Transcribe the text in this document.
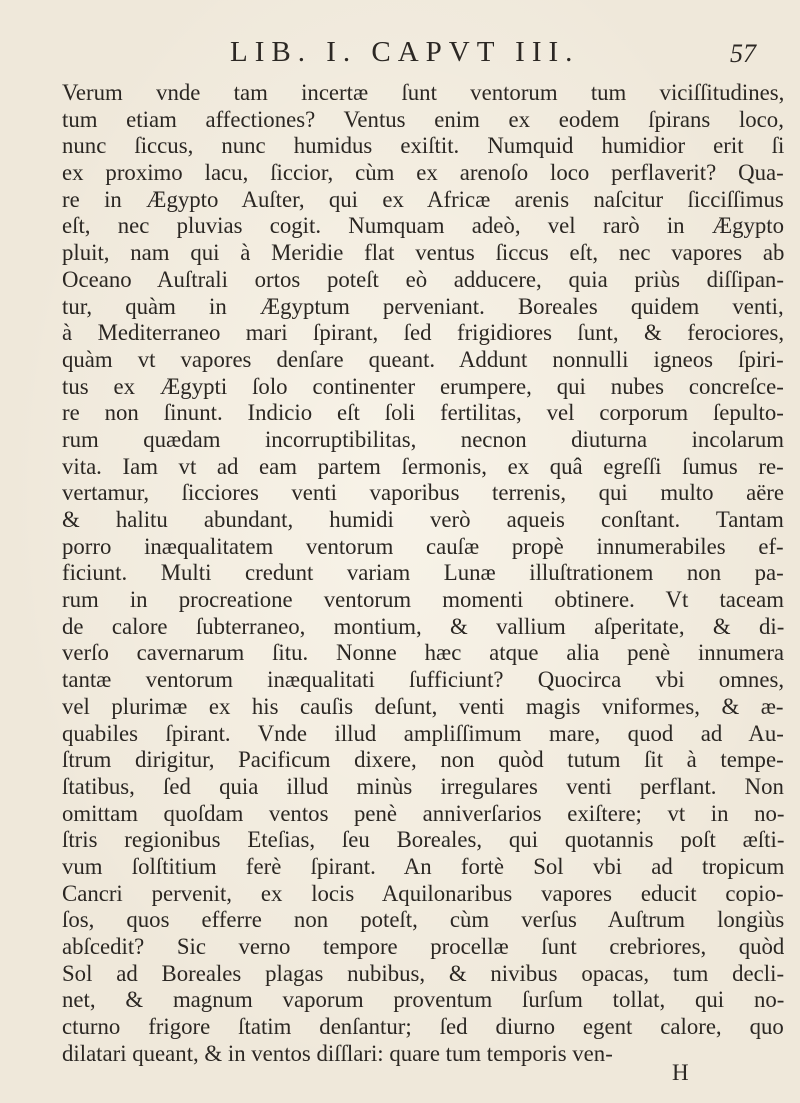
LIB. I. CAPVT III.	57
Verum vnde tam incertæ ſunt ventorum tum viciſſitudines,
tum etiam affectiones? Ventus enim ex eodem ſpirans loco,
nunc ſiccus, nunc humidus exiſtit. Numquid humidior erit ſi
ex proximo lacu, ſiccior, cùm ex arenoſo loco perflaverit? Qua-
re in Ægypto Auſter, qui ex Africæ arenis naſcitur ſicciſſimus
eſt, nec pluvias cogit. Numquam adeò, vel rarò in Ægypto
pluit, nam qui à Meridie flat ventus ſiccus eſt, nec vapores ab
Oceano Auſtrali ortos poteſt eò adducere, quia priùs diſſipan-
tur, quàm in Ægyptum perveniant. Boreales quidem venti,
à Mediterraneo mari ſpirant, ſed frigidiores ſunt, & ferociores,
quàm vt vapores denſare queant. Addunt nonnulli igneos ſpiri-
tus ex Ægypti ſolo continenter erumpere, qui nubes concreſce-
re non ſinunt. Indicio eſt ſoli fertilitas, vel corporum ſepulto-
rum quædam incorruptibilitas, necnon diuturna incolarum
vita. Iam vt ad eam partem ſermonis, ex quâ egreſſi ſumus re-
vertamur, ſicciores venti vaporibus terrenis, qui multo aëre
& halitu abundant, humidi verò aqueis conſtant. Tantam
porro inæqualitatem ventorum cauſæ propè innumerabiles ef-
ficiunt. Multi credunt variam Lunæ illuſtrationem non pa-
rum in procreatione ventorum momenti obtinere. Vt taceam
de calore ſubterraneo, montium, & vallium aſperitate, & di-
verſo cavernarum ſitu. Nonne hæc atque alia penè innumera
tantæ ventorum inæqualitati ſufficiunt? Quocirca vbi omnes,
vel plurimæ ex his cauſis deſunt, venti magis vniformes, & æ-
quabiles ſpirant. Vnde illud ampliſſimum mare, quod ad Au-
ſtrum dirigitur, Pacificum dixere, non quòd tutum ſit à tempe-
ſtatibus, ſed quia illud minùs irregulares venti perflant. Non
omittam quoſdam ventos penè anniverſarios exiſtere; vt in no-
ſtris regionibus Eteſias, ſeu Boreales, qui quotannis poſt æſti-
vum ſolſtitium ferè ſpirant. An fortè Sol vbi ad tropicum
Cancri pervenit, ex locis Aquilonaribus vapores educit copio-
ſos, quos efferre non poteſt, cùm verſus Auſtrum longiùs
abſcedit? Sic verno tempore procellæ ſunt crebriores, quòd
Sol ad Boreales plagas nubibus, & nivibus opacas, tum decli-
net, & magnum vaporum proventum ſurſum tollat, qui no-
cturno frigore ſtatim denſantur; ſed diurno egent calore, quo
dilatari queant, & in ventos diſſlari: quare tum temporis ven-
H
